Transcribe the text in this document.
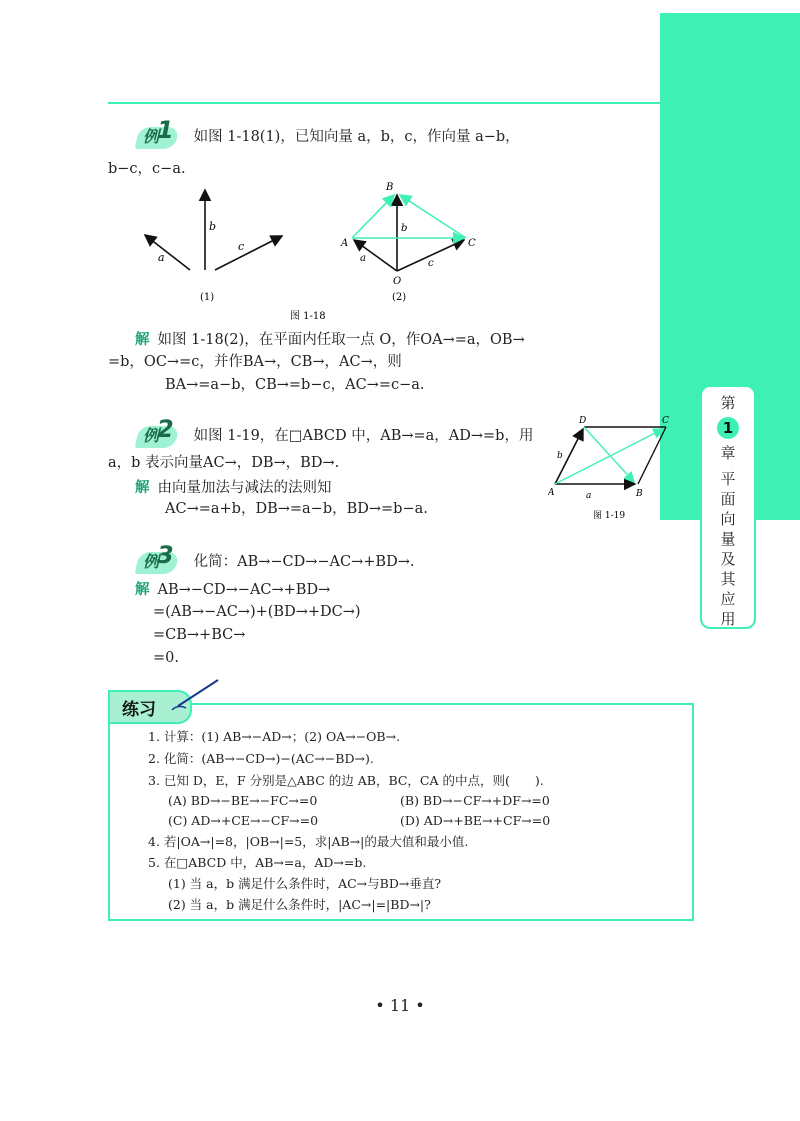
第
1
章
平
面
向
量
及
其
应
用
例
1 如图 1-18(1)，已知向量 a，b，c，作向量 a−b，
b−c，c−a.
a
b
c
B
A	C
O
b
a	c
(1)	(2)
图 1-18
解 如图 1-18(2)，在平面内任取一点 O，作OA→=a，OB→
=b，OC→=c，并作BA→，CB→，AC→，则
BA→=a−b，CB→=b−c，AC→=c−a.
例
2 如图 1-19，在□ABCD 中，AB→=a，AD→=b，用
a，b 表示向量AC→，DB→，BD→.
解 由向量加法与减法的法则知
AC→=a+b，DB→=a−b，BD→=b−a.
A	B
C
D
a
b
图 1-19
例
3 化简：AB→−CD→−AC→+BD→.
解 AB→−CD→−AC→+BD→
=(AB→−AC→)+(BD→+DC→)
=CB→+BC→
=0.
练习
1. 计算：(1) AB→−AD→；(2) OA→−OB→.
2. 化简：(AB→−CD→)−(AC→−BD→).
3. 已知 D，E，F 分别是△ABC 的边 AB，BC，CA 的中点，则(　　).
(A) BD→−BE→−FC→=0	(B) BD→−CF→+DF→=0
(C) AD→+CE→−CF→=0	(D) AD→+BE→+CF→=0
4. 若|OA→|=8，|OB→|=5，求|AB→|的最大值和最小值.
5. 在□ABCD 中，AB→=a，AD→=b.
(1) 当 a，b 满足什么条件时，AC→与BD→垂直?
(2) 当 a，b 满足什么条件时，|AC→|=|BD→|?
• 11 •
